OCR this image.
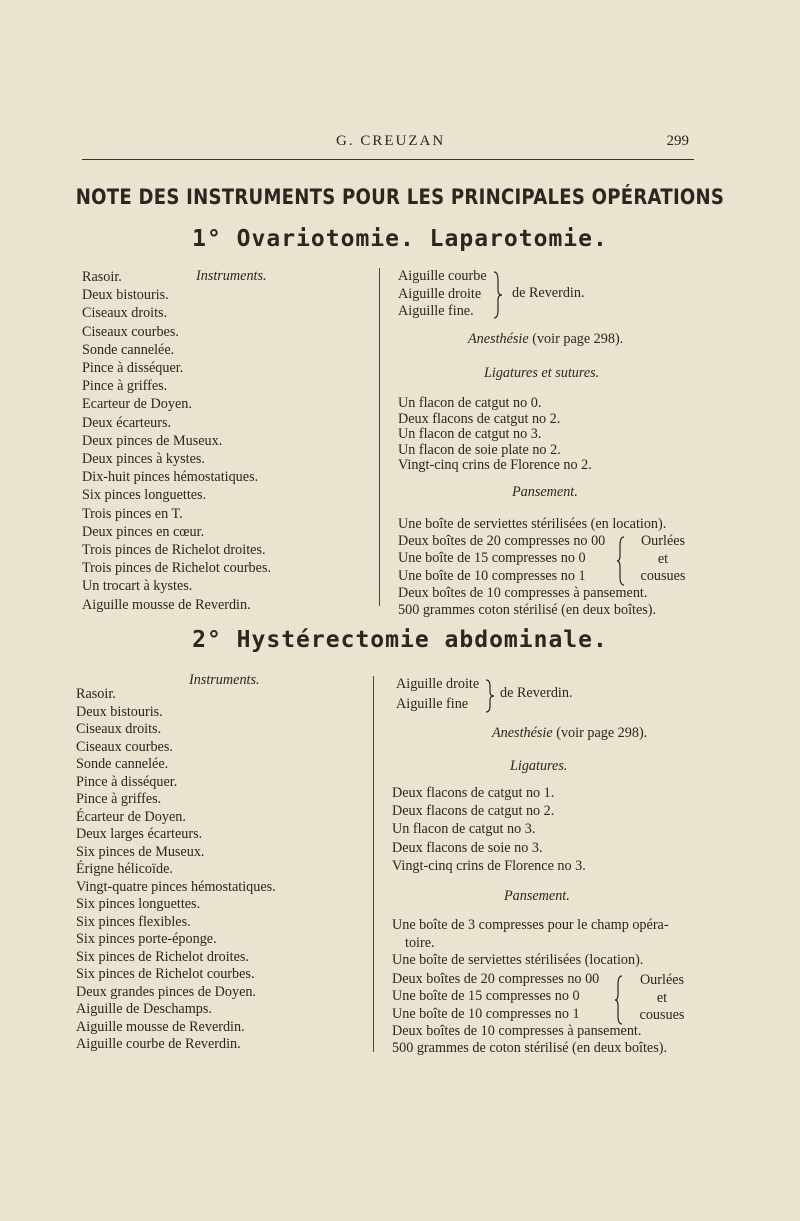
G. CREUZAN	299
NOTE DES INSTRUMENTS POUR LES PRINCIPALES OPÉRATIONS
1° Ovariotomie. Laparotomie.
Instruments.
Rasoir.
Deux bistouris.
Ciseaux droits.
Ciseaux courbes.
Sonde cannelée.
Pince à disséquer.
Pince à griffes.
Ecarteur de Doyen.
Deux écarteurs.
Deux pinces de Museux.
Deux pinces à kystes.
Dix-huit pinces hémostatiques.
Six pinces longuettes.
Trois pinces en T.
Deux pinces en cœur.
Trois pinces de Richelot droites.
Trois pinces de Richelot courbes.
Un trocart à kystes.
Aiguille mousse de Reverdin.
Aiguille courbe
Aiguille droite
Aiguille fine.
de Reverdin.
Anesthésie (voir page 298).
Ligatures et sutures.
Un flacon de catgut no 0.
Deux flacons de catgut no 2.
Un flacon de catgut no 3.
Un flacon de soie plate no 2.
Vingt-cinq crins de Florence no 2.
Pansement.
Une boîte de serviettes stérilisées (en location).
Deux boîtes de 20 compresses no 00
Une boîte de 15 compresses no 0
Une boîte de 10 compresses no 1
Ourlées
et
cousues
Deux boîtes de 10 compresses à pansement.
500 grammes coton stérilisé (en deux boîtes).
2° Hystérectomie abdominale.
Instruments.
Rasoir.
Deux bistouris.
Ciseaux droits.
Ciseaux courbes.
Sonde cannelée.
Pince à disséquer.
Pince à griffes.
Écarteur de Doyen.
Deux larges écarteurs.
Six pinces de Museux.
Érigne hélicoïde.
Vingt-quatre pinces hémostatiques.
Six pinces longuettes.
Six pinces flexibles.
Six pinces porte-éponge.
Six pinces de Richelot droites.
Six pinces de Richelot courbes.
Deux grandes pinces de Doyen.
Aiguille de Deschamps.
Aiguille mousse de Reverdin.
Aiguille courbe de Reverdin.
Aiguille droite
Aiguille fine
de Reverdin.
Anesthésie (voir page 298).
Ligatures.
Deux flacons de catgut no 1.
Deux flacons de catgut no 2.
Un flacon de catgut no 3.
Deux flacons de soie no 3.
Vingt-cinq crins de Florence no 3.
Pansement.
Une boîte de 3 compresses pour le champ opéra-
toire.
Une boîte de serviettes stérilisées (location).
Deux boîtes de 20 compresses no 00
Une boîte de 15 compresses no 0
Une boîte de 10 compresses no 1
Ourlées
et
cousues
Deux boîtes de 10 compresses à pansement.
500 grammes de coton stérilisé (en deux boîtes).
